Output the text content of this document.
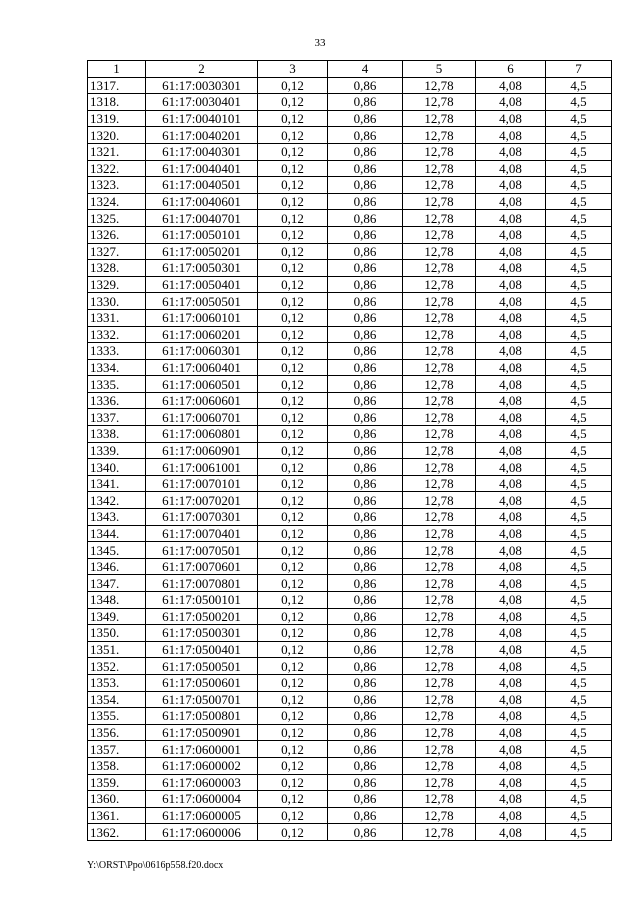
33
1	2	3	4	5	6	7
1317.	61:17:0030301	0,12	0,86	12,78	4,08	4,5
1318.	61:17:0030401	0,12	0,86	12,78	4,08	4,5
1319.	61:17:0040101	0,12	0,86	12,78	4,08	4,5
1320.	61:17:0040201	0,12	0,86	12,78	4,08	4,5
1321.	61:17:0040301	0,12	0,86	12,78	4,08	4,5
1322.	61:17:0040401	0,12	0,86	12,78	4,08	4,5
1323.	61:17:0040501	0,12	0,86	12,78	4,08	4,5
1324.	61:17:0040601	0,12	0,86	12,78	4,08	4,5
1325.	61:17:0040701	0,12	0,86	12,78	4,08	4,5
1326.	61:17:0050101	0,12	0,86	12,78	4,08	4,5
1327.	61:17:0050201	0,12	0,86	12,78	4,08	4,5
1328.	61:17:0050301	0,12	0,86	12,78	4,08	4,5
1329.	61:17:0050401	0,12	0,86	12,78	4,08	4,5
1330.	61:17:0050501	0,12	0,86	12,78	4,08	4,5
1331.	61:17:0060101	0,12	0,86	12,78	4,08	4,5
1332.	61:17:0060201	0,12	0,86	12,78	4,08	4,5
1333.	61:17:0060301	0,12	0,86	12,78	4,08	4,5
1334.	61:17:0060401	0,12	0,86	12,78	4,08	4,5
1335.	61:17:0060501	0,12	0,86	12,78	4,08	4,5
1336.	61:17:0060601	0,12	0,86	12,78	4,08	4,5
1337.	61:17:0060701	0,12	0,86	12,78	4,08	4,5
1338.	61:17:0060801	0,12	0,86	12,78	4,08	4,5
1339.	61:17:0060901	0,12	0,86	12,78	4,08	4,5
1340.	61:17:0061001	0,12	0,86	12,78	4,08	4,5
1341.	61:17:0070101	0,12	0,86	12,78	4,08	4,5
1342.	61:17:0070201	0,12	0,86	12,78	4,08	4,5
1343.	61:17:0070301	0,12	0,86	12,78	4,08	4,5
1344.	61:17:0070401	0,12	0,86	12,78	4,08	4,5
1345.	61:17:0070501	0,12	0,86	12,78	4,08	4,5
1346.	61:17:0070601	0,12	0,86	12,78	4,08	4,5
1347.	61:17:0070801	0,12	0,86	12,78	4,08	4,5
1348.	61:17:0500101	0,12	0,86	12,78	4,08	4,5
1349.	61:17:0500201	0,12	0,86	12,78	4,08	4,5
1350.	61:17:0500301	0,12	0,86	12,78	4,08	4,5
1351.	61:17:0500401	0,12	0,86	12,78	4,08	4,5
1352.	61:17:0500501	0,12	0,86	12,78	4,08	4,5
1353.	61:17:0500601	0,12	0,86	12,78	4,08	4,5
1354.	61:17:0500701	0,12	0,86	12,78	4,08	4,5
1355.	61:17:0500801	0,12	0,86	12,78	4,08	4,5
1356.	61:17:0500901	0,12	0,86	12,78	4,08	4,5
1357.	61:17:0600001	0,12	0,86	12,78	4,08	4,5
1358.	61:17:0600002	0,12	0,86	12,78	4,08	4,5
1359.	61:17:0600003	0,12	0,86	12,78	4,08	4,5
1360.	61:17:0600004	0,12	0,86	12,78	4,08	4,5
1361.	61:17:0600005	0,12	0,86	12,78	4,08	4,5
1362.	61:17:0600006	0,12	0,86	12,78	4,08	4,5
Y:\ORST\Ppo\0616p558.f20.docx
